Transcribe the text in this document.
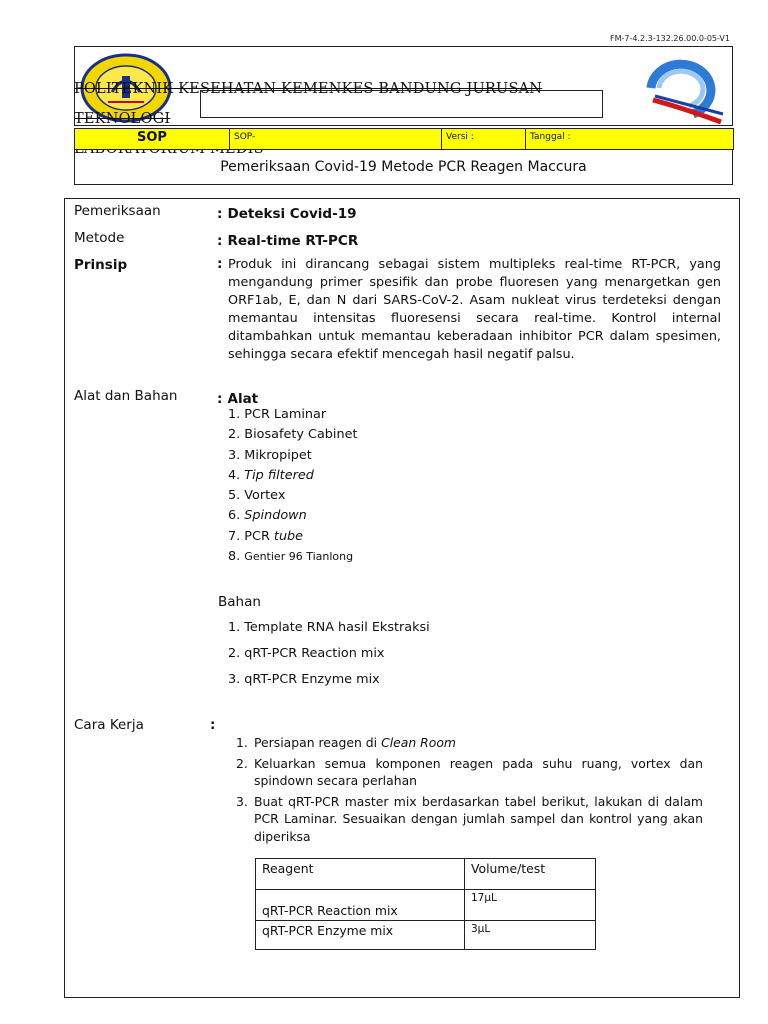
FM-7-4.2.3-132.26.00.0-05-V1
POLITEKNIK KESEHATAN KEMENKES BANDUNG JURUSAN TEKNOLOGI

SOP	SOP-	Versi :	Tanggal :
Pemeriksaan Covid-19 Metode PCR Reagen Maccura
Pemeriksaan	: Deteksi Covid-19
Metode	: Real-time RT-PCR
Prinsip	: Produk ini dirancang sebagai sistem multipleks real-time RT-PCR, yang mengandung primer spesifik dan probe fluoresen yang menargetkan gen ORF1ab, E, dan N dari SARS-CoV-2. Asam nukleat virus terdeteksi dengan memantau intensitas fluoresensi secara real-time. Kontrol internal ditambahkan untuk memantau keberadaan inhibitor PCR dalam spesimen, sehingga secara efektif mencegah hasil negatif palsu.
Alat dan Bahan	: Alat
1. PCR Laminar
2. Biosafety Cabinet
3. Mikropipet
4. Tip filtered
5. Vortex
6. Spindown
7. PCR tube
8. Gentier 96 Tianlong
Bahan
1. Template RNA hasil Ekstraksi
2. qRT-PCR Reaction mix
3. qRT-PCR Enzyme mix
Cara Kerja	:
1. Persiapan reagen di Clean Room
2. Keluarkan semua komponen reagen pada suhu ruang, vortex dan spindown secara perlahan
3. Buat qRT-PCR master mix berdasarkan tabel berikut, lakukan di dalam PCR Laminar. Sesuaikan dengan jumlah sampel dan kontrol yang akan diperiksa
Reagent	Volume/test
qRT-PCR Reaction mix	17µL
qRT-PCR Enzyme mix	3µL
